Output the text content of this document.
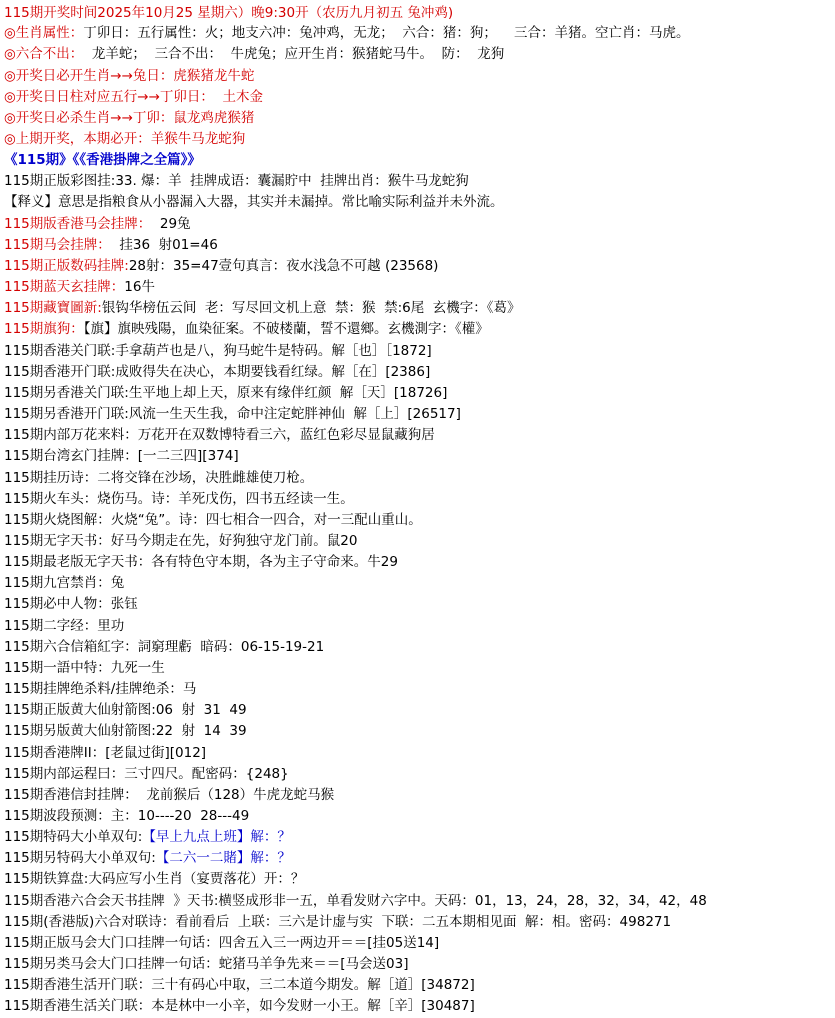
115期开奖时间2025年10月25 星期六）晚9:30开（农历九月初五 兔冲鸡)
◎生肖属性：丁卯日：五行属性：火；地支六冲：兔冲鸡，无龙；  六合：猪：狗；    三合：羊猪。空亡肖：马虎。
◎六合不出：  龙羊蛇；  三合不出：  牛虎兔；应开生肖：猴猪蛇马牛。  防：  龙狗
◎开奖日必开生肖→→兔日：虎猴猪龙牛蛇
◎开奖日日柱对应五行→→丁卯日：  土木金
◎开奖日必杀生肖→→丁卯：鼠龙鸡虎猴猪
◎上期开奖，本期必开：羊猴牛马龙蛇狗
《115期》《《香港掛牌之全篇》》
115期正版彩图挂:33. 爆：羊  挂牌成语：囊漏貯中  挂牌出肖：猴牛马龙蛇狗
【释义】意思是指粮食从小器漏入大器，其实并未漏掉。常比喻实际利益并未外流。
115期版香港马会挂牌：  29兔
115期马会挂牌：  挂36  射01=46
115期正版数码挂牌:28射：35=47壹句真言：夜水浅急不可越 (23568)
115期蓝天玄挂牌：16牛
115期藏寶圖新:银钩华榜伍云间  老：写尽回文机上意  禁：猴  禁:6尾  玄機字：《葛》
115期旗狗：【旗】旗映残陽，血染征案。不破楼蘭，誓不還鄉。玄機測字：《權》
115期香港关门联:手拿葫芦也是八，狗马蛇牛是特码。解［也］［1872]
115期香港开门联:成败得失在决心，本期要钱看红绿。解［在］[2386]
115期另香港关门联:生平地上却上天，原来有缘伴红颜  解［天］[18726]
115期另香港开门联:风流一生天生我，命中注定蛇胖神仙  解［上］[26517]
115期内部万花来料：万花开在双数博特看三六，蓝红色彩尽显鼠藏狗居
115期台湾玄门挂牌：[一二三四][374]
115期挂历诗：二将交锋在沙场，决胜雌雄使刀枪。
115期火车头：烧伤马。诗：羊死戊伤，四书五经读一生。
115期火烧图解：火烧“兔”。诗：四七相合一四合，对一三配山重山。
115期无字天书：好马今期走在先，好狗独守龙门前。鼠20
115期最老版无字天书：各有特色守本期，各为主子守命来。牛29
115期九宫禁肖：兔
115期必中人物：张钰
115期二字经：里功
115期六合信箱紅字：詞窮理虧  暗码：06-15-19-21
115期一語中特：九死一生
115期挂牌绝杀料/挂牌绝杀：马
115期正版黄大仙射箭图:06  射  31  49
115期另版黄大仙射箭图:22  射  14  39
115期香港牌II：[老鼠过街][012]
115期内部运程曰：三寸四尺。配密码：{248}
115期香港信封挂牌：  龙前猴后（128）牛虎龙蛇马猴
115期波段预测：主：10----20  28---49
115期特码大小单双句:【早上九点上班】解：？
115期另特码大小单双句:【二六一二賭】解：？
115期铁算盘:大码应写小生肖（宴贾落花）开：？
115期香港六合会天书挂牌  》天书:横竖成形非一五，单看发财六字中。天码：01，13，24，28，32，34，42，48
115期(香港版)六合对联诗：看前看后  上联：三六是计虚与实  下联：二五本期相见面  解：相。密码：498271
115期正版马会大门口挂牌一句话：四舍五入三一两边开＝＝[挂05送14]
115期另类马会大门口挂牌一句话：蛇猪马羊争先来＝＝[马会送03]
115期香港生活开门联：三十有码心中取，三二本道今期发。解［道］[34872]
115期香港生活关门联：本是林中一小辛，如今发财一小王。解［辛］[30487]
